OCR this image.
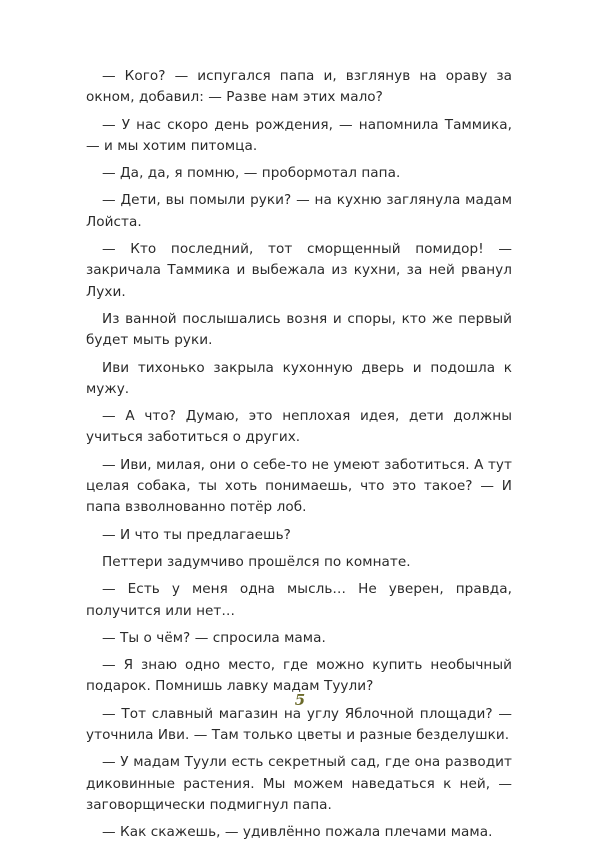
— Кого? — испугался папа и, взглянув на ораву за окном, добавил: — Разве нам этих мало?

— У нас скоро день рождения, — напомнила Таммика, — и мы хотим питомца.

— Да, да, я помню, — пробормотал папа.

— Дети, вы помыли руки? — на кухню заглянула мадам Лойста.

— Кто последний, тот сморщенный помидор! — закричала Таммика и выбежала из кухни, за ней рванул Лухи.

Из ванной послышались возня и споры, кто же первый будет мыть руки.

Иви тихонько закрыла кухонную дверь и подошла к мужу.

— А что? Думаю, это неплохая идея, дети должны учиться заботиться о других.

— Иви, милая, они о себе-то не умеют заботиться. А тут целая собака, ты хоть понимаешь, что это такое? — И папа взволнованно потёр лоб.

— И что ты предлагаешь?

Петтери задумчиво прошёлся по комнате.

— Есть у меня одна мысль… Не уверен, правда, получится или нет…

— Ты о чём? — спросила мама.

— Я знаю одно место, где можно купить необычный подарок. Помнишь лавку мадам Туули?

— Тот славный магазин на углу Яблочной площади? — уточнила Иви. — Там только цветы и разные безделушки.

— У мадам Туули есть секретный сад, где она разводит диковинные растения. Мы можем наведаться к ней, — заговорщически подмигнул папа.

— Как скажешь, — удивлённо пожала плечами мама.

5
